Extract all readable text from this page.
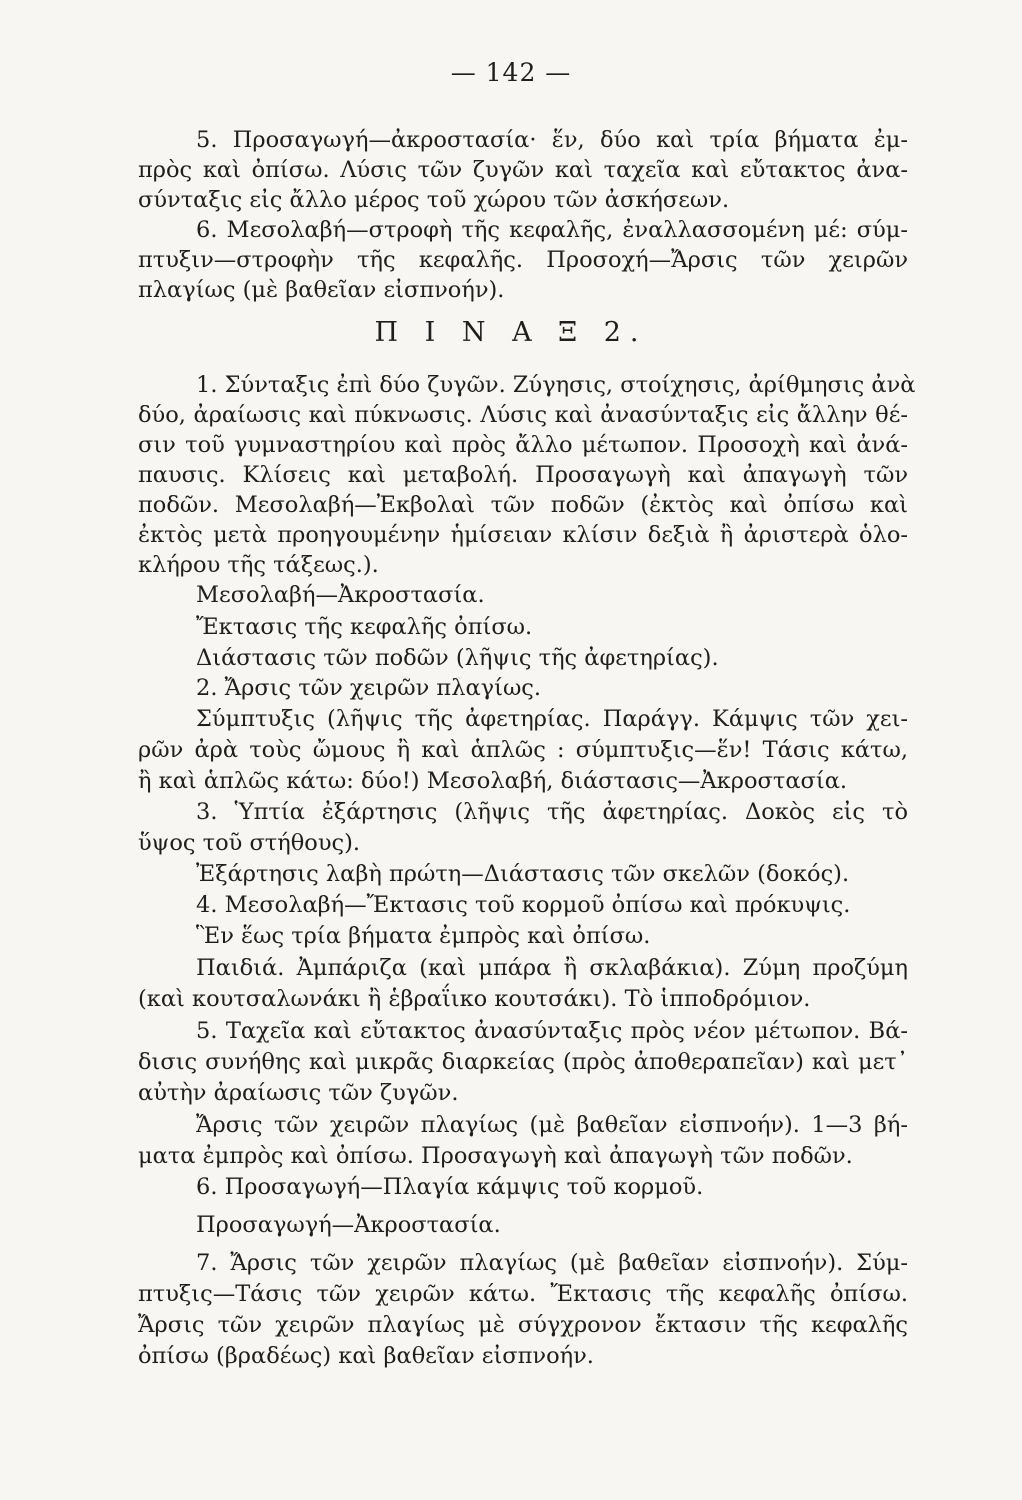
— 142 —
5. Προσαγωγή—ἀκροστασία· ἕν, δύο καὶ τρία βήματα ἐμ-
πρὸς καὶ ὀπίσω. Λύσις τῶν ζυγῶν καὶ ταχεῖα καὶ εὔτακτος ἀνα-
σύνταξις εἰς ἄλλο μέρος τοῦ χώρου τῶν ἀσκήσεων.
6. Μεσολαβή—στροφὴ τῆς κεφαλῆς, ἐναλλασσομένη μέ: σύμ-
πτυξιν—στροφὴν τῆς κεφαλῆς. Προσοχή—Ἄρσις τῶν χειρῶν
πλαγίως (μὲ βαθεῖαν εἰσπνοήν).
Π Ι Ν Α Ξ 2.
1. Σύνταξις ἐπὶ δύο ζυγῶν. Ζύγησις, στοίχησις, ἀρίθμησις ἀνὰ
δύο, ἀραίωσις καὶ πύκνωσις. Λύσις καὶ ἀνασύνταξις εἰς ἄλλην θέ-
σιν τοῦ γυμναστηρίου καὶ πρὸς ἄλλο μέτωπον. Προσοχὴ καὶ ἀνά-
παυσις. Κλίσεις καὶ μεταβολή. Προσαγωγὴ καὶ ἀπαγωγὴ τῶν
ποδῶν. Μεσολαβή—Ἐκβολαὶ τῶν ποδῶν (ἐκτὸς καὶ ὀπίσω καὶ
ἐκτὸς μετὰ προηγουμένην ἡμίσειαν κλίσιν δεξιὰ ἢ ἀριστερὰ ὁλο-
κλήρου τῆς τάξεως.).
Μεσολαβή—Ἀκροστασία.
Ἔκτασις τῆς κεφαλῆς ὀπίσω.
Διάστασις τῶν ποδῶν (λῆψις τῆς ἀφετηρίας).
2. Ἄρσις τῶν χειρῶν πλαγίως.
Σύμπτυξις (λῆψις τῆς ἀφετηρίας. Παράγγ. Κάμψις τῶν χει-
ρῶν ἀρὰ τοὺς ὤμους ἢ καὶ ἁπλῶς : σύμπτυξις—ἕν! Τάσις κάτω,
ἢ καὶ ἁπλῶς κάτω: δύο!) Μεσολαβή, διάστασις—Ἀκροστασία.
3. Ὑπτία ἐξάρτησις (λῆψις τῆς ἀφετηρίας. Δοκὸς εἰς τὸ
ὕψος τοῦ στήθους).
Ἐξάρτησις λαβὴ πρώτη—Διάστασις τῶν σκελῶν (δοκός).
4. Μεσολαβή—Ἔκτασις τοῦ κορμοῦ ὀπίσω καὶ πρόκυψις.
Ἓν ἕως τρία βήματα ἐμπρὸς καὶ ὀπίσω.
Παιδιά. Ἀμπάριζα (καὶ μπάρα ἢ σκλαβάκια). Ζύμη προζύμη
(καὶ κουτσαλωνάκι ἢ ἑβραΐικο κουτσάκι). Τὸ ἱπποδρόμιον.
5. Ταχεῖα καὶ εὔτακτος ἀνασύνταξις πρὸς νέον μέτωπον. Βά-
δισις συνήθης καὶ μικρᾶς διαρκείας (πρὸς ἀποθεραπεῖαν) καὶ μετ᾽
αὐτὴν ἀραίωσις τῶν ζυγῶν.
Ἄρσις τῶν χειρῶν πλαγίως (μὲ βαθεῖαν εἰσπνοήν). 1—3 βή-
ματα ἐμπρὸς καὶ ὀπίσω. Προσαγωγὴ καὶ ἀπαγωγὴ τῶν ποδῶν.
6. Προσαγωγή—Πλαγία κάμψις τοῦ κορμοῦ.
Προσαγωγή—Ἀκροστασία.
7. Ἄρσις τῶν χειρῶν πλαγίως (μὲ βαθεῖαν εἰσπνοήν). Σύμ-
πτυξις—Τάσις τῶν χειρῶν κάτω. Ἔκτασις τῆς κεφαλῆς ὀπίσω.
Ἄρσις τῶν χειρῶν πλαγίως μὲ σύγχρονον ἔκτασιν τῆς κεφαλῆς
ὀπίσω (βραδέως) καὶ βαθεῖαν εἰσπνοήν.
